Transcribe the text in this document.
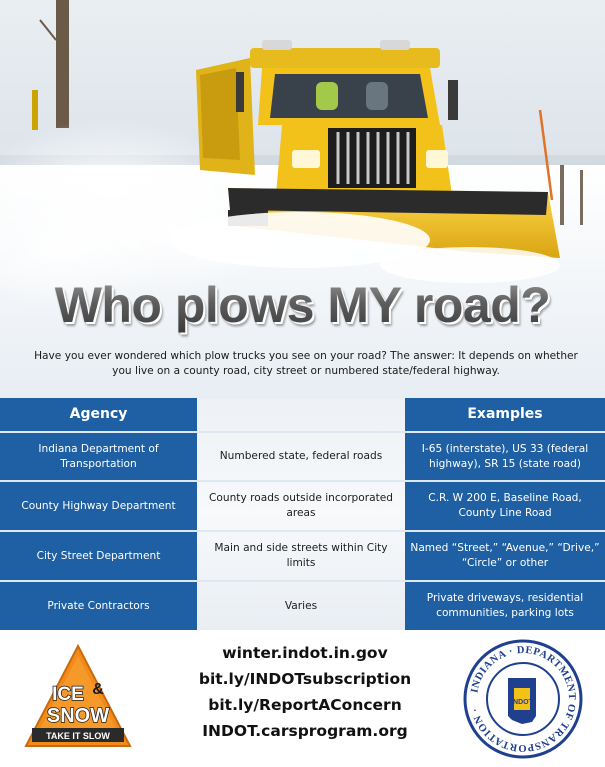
Who plows MY road?
Have you ever wondered which plow trucks you see on your road? The answer: It depends on whether you live on a county road, city street or numbered state/federal highway.
Agency	Examples
Indiana Department of Transportation
Numbered state, federal roads
I-65 (interstate), US 33 (federal highway), SR 15 (state road)
County Highway Department
County roads outside incorporated areas
C.R. W 200 E, Baseline Road, County Line Road
City Street Department
Main and side streets within City limits
Named “Street,” “Avenue,” “Drive,” “Circle” or other
Private Contractors	Varies
Private driveways, residential communities, parking lots
ICE &
SNOW
TAKE IT SLOW
winter.indot.in.gov
bit.ly/INDOTsubscription
bit.ly/ReportAConcern
INDOT.carsprogram.org
INDIANA · DEPARTMENT OF TRANSPORTATION ·
INDOT
